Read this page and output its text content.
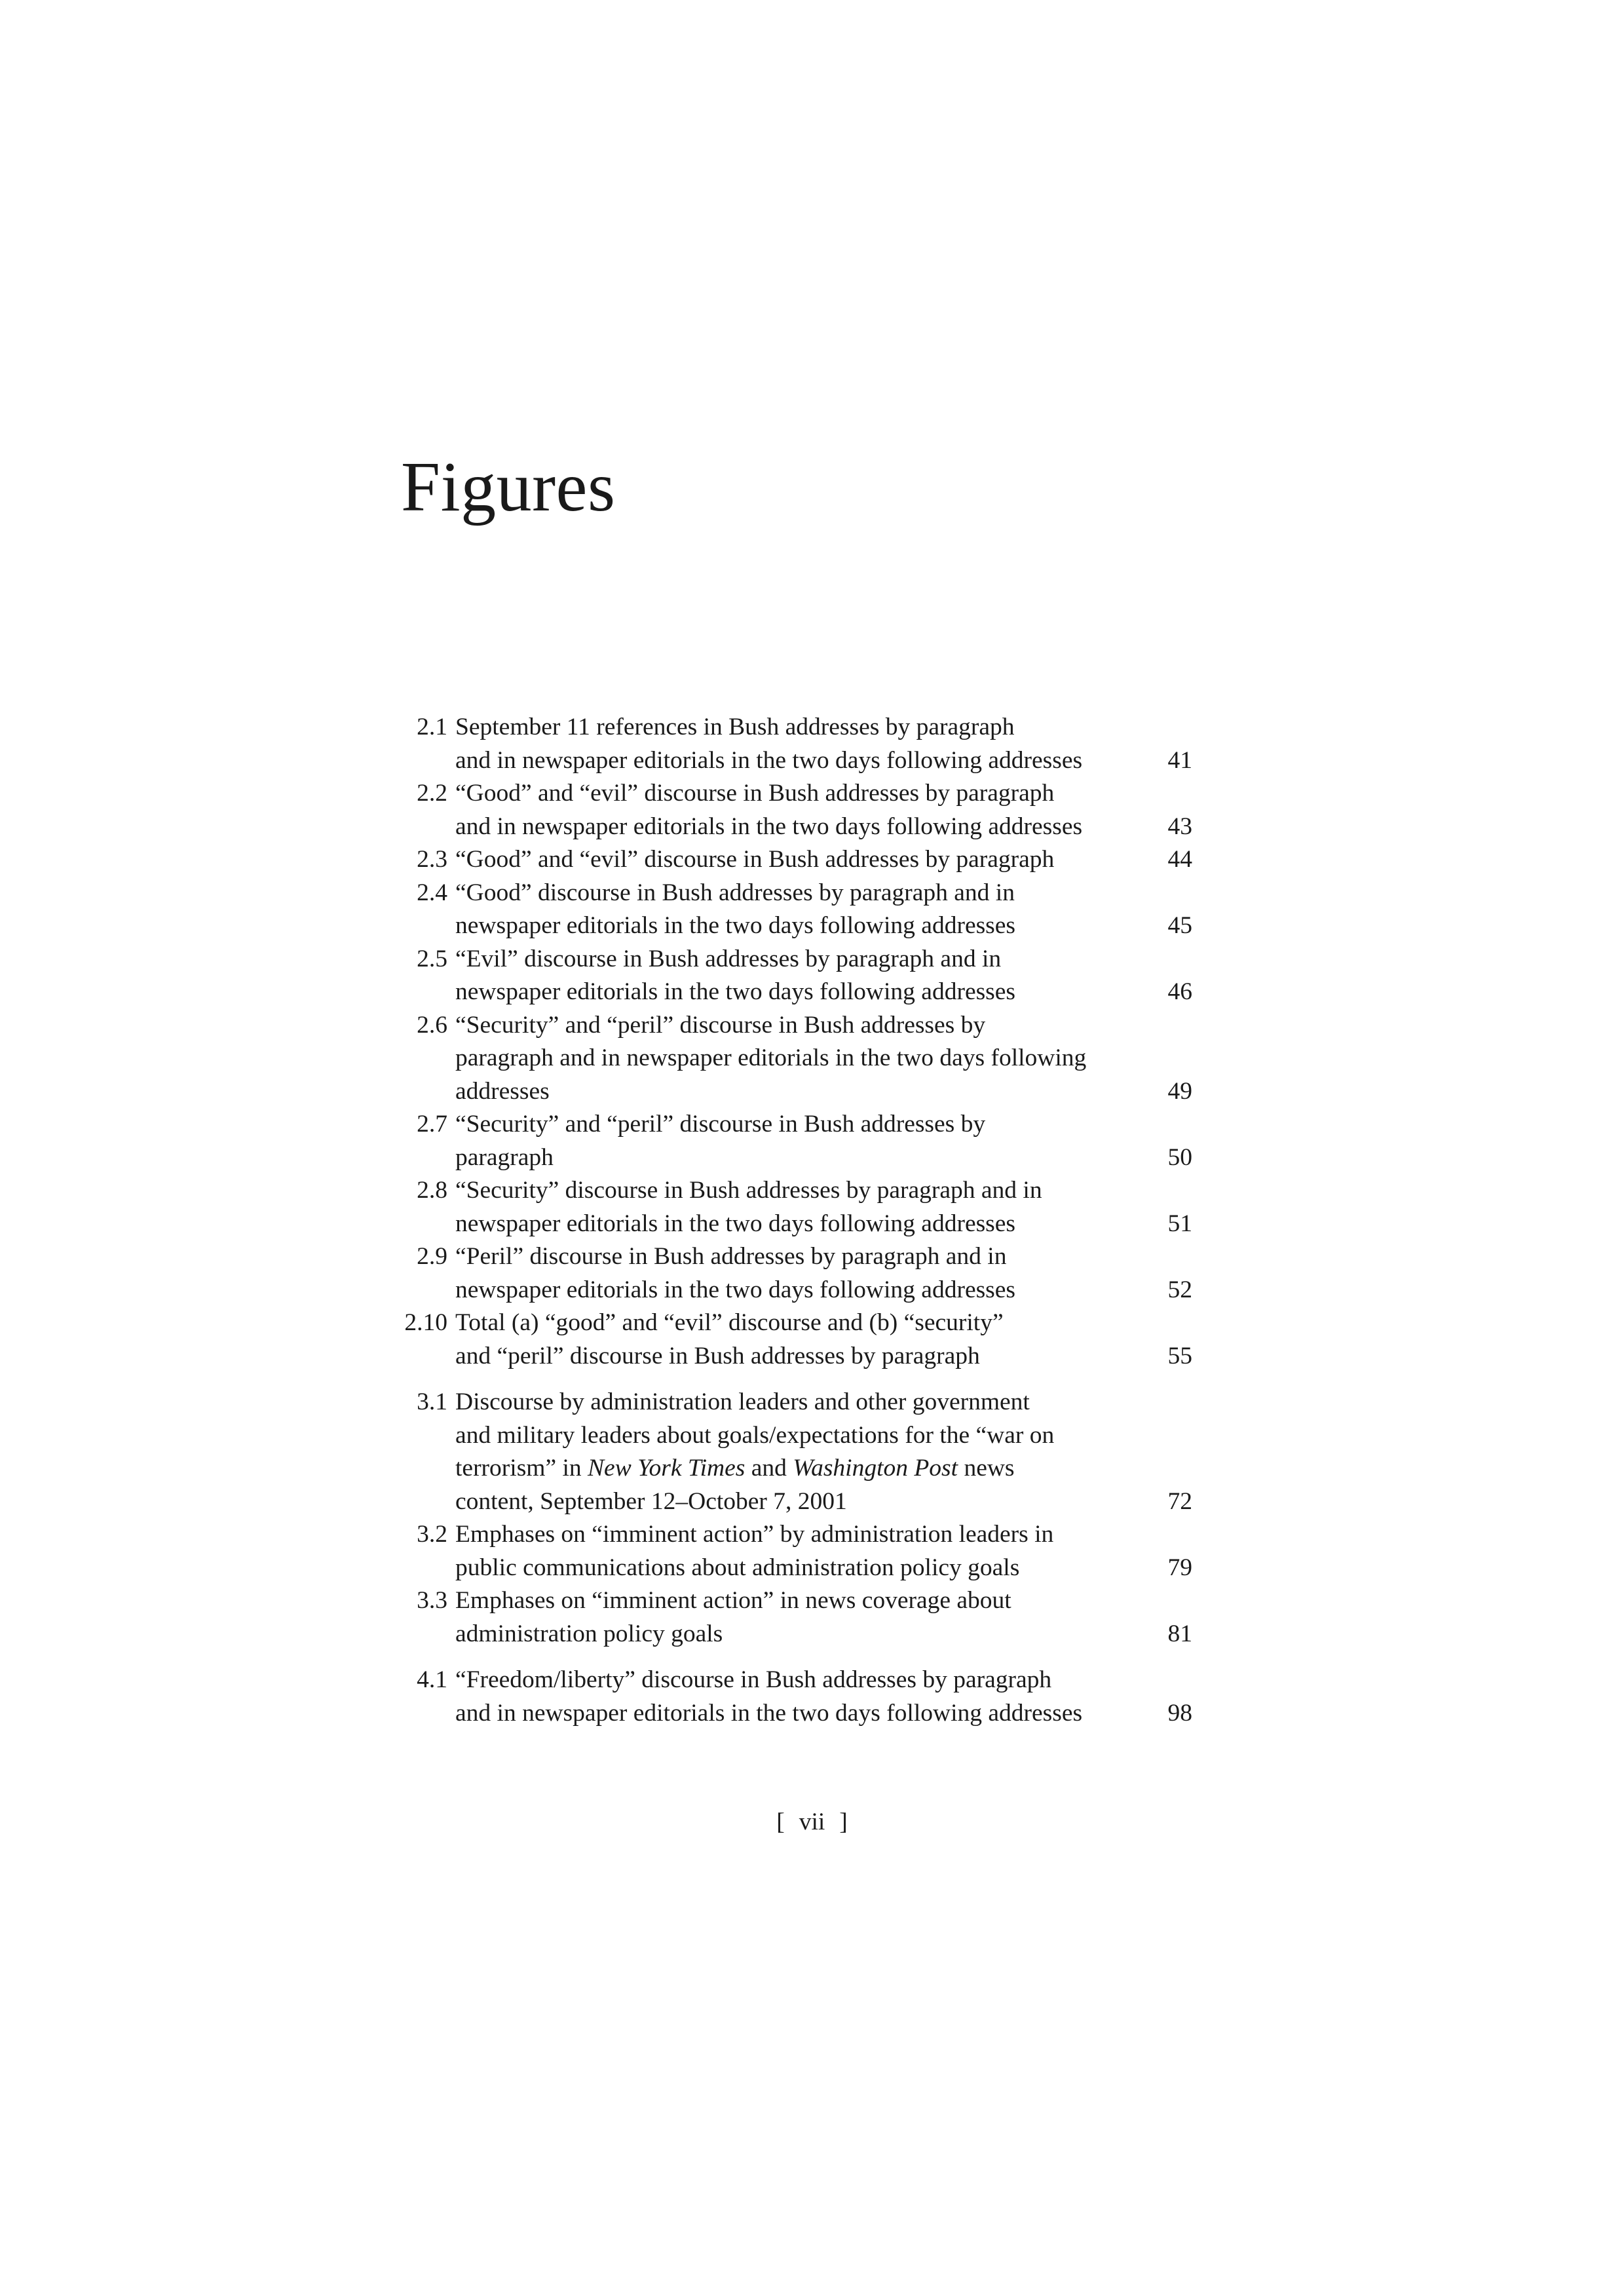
Figures
2.1 September 11 references in Bush addresses by paragraph
and in newspaper editorials in the two days following addresses	41
2.2 “Good” and “evil” discourse in Bush addresses by paragraph
and in newspaper editorials in the two days following addresses	43
2.3 “Good” and “evil” discourse in Bush addresses by paragraph	44
2.4 “Good” discourse in Bush addresses by paragraph and in
newspaper editorials in the two days following addresses	45
2.5 “Evil” discourse in Bush addresses by paragraph and in
newspaper editorials in the two days following addresses	46
2.6 “Security” and “peril” discourse in Bush addresses by
paragraph and in newspaper editorials in the two days following
addresses	49
2.7 “Security” and “peril” discourse in Bush addresses by
paragraph	50
2.8 “Security” discourse in Bush addresses by paragraph and in
newspaper editorials in the two days following addresses	51
2.9 “Peril” discourse in Bush addresses by paragraph and in
newspaper editorials in the two days following addresses	52
2.10 Total (a) “good” and “evil” discourse and (b) “security”
and “peril” discourse in Bush addresses by paragraph	55
3.1 Discourse by administration leaders and other government
and military leaders about goals/expectations for the “war on
terrorism” in New York Times and Washington Post news
content, September 12–October 7, 2001	72
3.2 Emphases on “imminent action” by administration leaders in
public communications about administration policy goals	79
3.3 Emphases on “imminent action” in news coverage about
administration policy goals	81
4.1 “Freedom/liberty” discourse in Bush addresses by paragraph
and in newspaper editorials in the two days following addresses	98
[ vii ]
